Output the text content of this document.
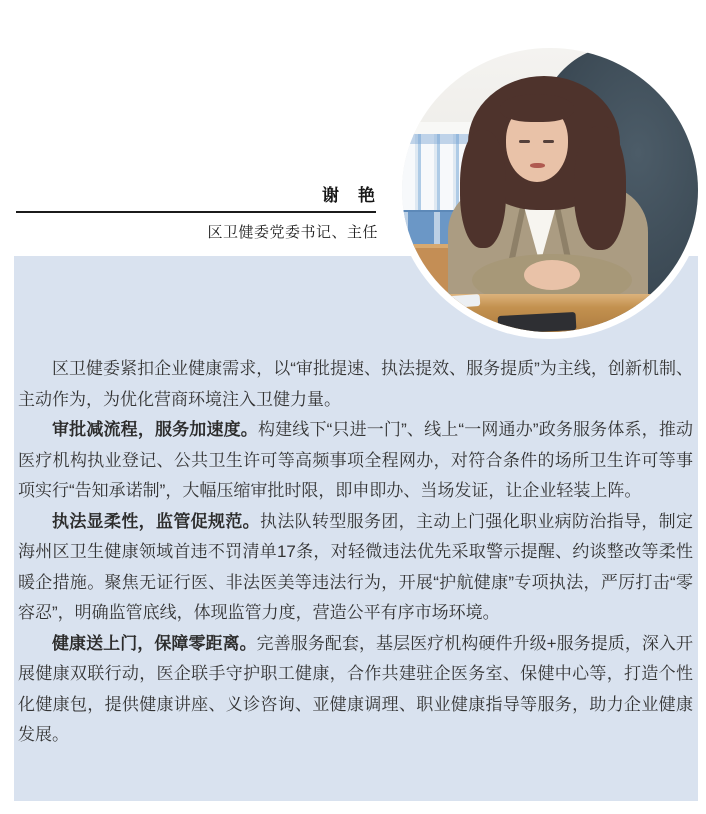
谢　艳
区卫健委党委书记、主任

区卫健委紧扣企业健康需求，以“审批提速、执法提效、服务提质”为主线，创新机制、主动作为，为优化营商环境注入卫健力量。

审批减流程，服务加速度。构建线下“只进一门”、线上“一网通办”政务服务体系，推动医疗机构执业登记、公共卫生许可等高频事项全程网办，对符合条件的场所卫生许可等事项实行“告知承诺制”，大幅压缩审批时限，即申即办、当场发证，让企业轻装上阵。

执法显柔性，监管促规范。执法队转型服务团，主动上门强化职业病防治指导，制定海州区卫生健康领域首违不罚清单17条，对轻微违法优先采取警示提醒、约谈整改等柔性暖企措施。聚焦无证行医、非法医美等违法行为，开展“护航健康”专项执法，严厉打击“零容忍”，明确监管底线，体现监管力度，营造公平有序市场环境。

健康送上门，保障零距离。完善服务配套，基层医疗机构硬件升级+服务提质，深入开展健康双联行动，医企联手守护职工健康，合作共建驻企医务室、保健中心等，打造个性化健康包，提供健康讲座、义诊咨询、亚健康调理、职业健康指导等服务，助力企业健康发展。
